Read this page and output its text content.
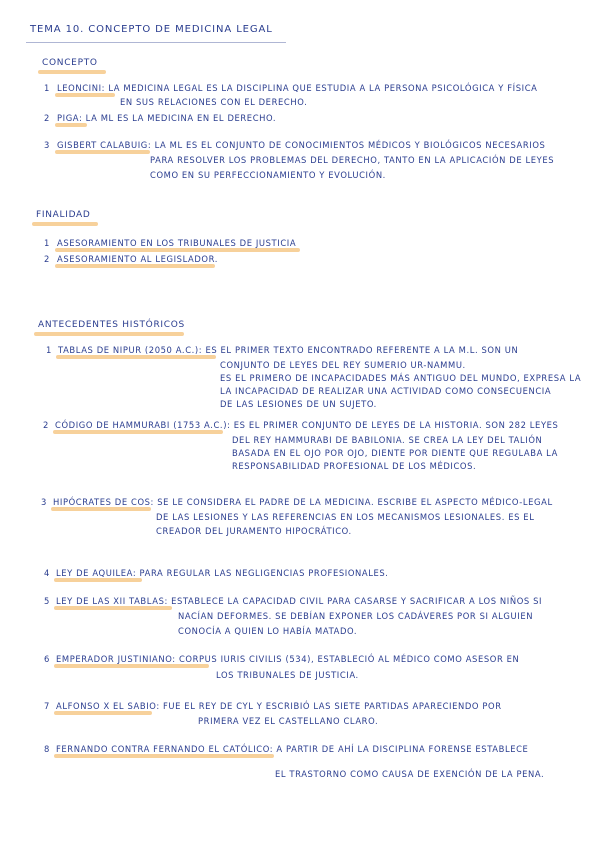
TEMA 10. CONCEPTO DE MEDICINA LEGAL
CONCEPTO
1 LEONCINI: LA MEDICINA LEGAL ES LA DISCIPLINA QUE ESTUDIA A LA PERSONA PSICOLÓGICA Y FÍSICA
EN SUS RELACIONES CON EL DERECHO.
2 PIGA: LA ML ES LA MEDICINA EN EL DERECHO.
3 GISBERT CALABUIG: LA ML ES EL CONJUNTO DE CONOCIMIENTOS MÉDICOS Y BIOLÓGICOS NECESARIOS
PARA RESOLVER LOS PROBLEMAS DEL DERECHO, TANTO EN LA APLICACIÓN DE LEYES
COMO EN SU PERFECCIONAMIENTO Y EVOLUCIÓN.
FINALIDAD
1 ASESORAMIENTO EN LOS TRIBUNALES DE JUSTICIA
2 ASESORAMIENTO AL LEGISLADOR.
ANTECEDENTES HISTÓRICOS
1 TABLAS DE NIPUR (2050 A.C.): ES EL PRIMER TEXTO ENCONTRADO REFERENTE A LA M.L. SON UN
CONJUNTO DE LEYES DEL REY SUMERIO UR-NAMMU.
ES EL PRIMERO DE INCAPACIDADES MÁS ANTIGUO DEL MUNDO, EXPRESA LA
LA INCAPACIDAD DE REALIZAR UNA ACTIVIDAD COMO CONSECUENCIA
DE LAS LESIONES DE UN SUJETO.
2 CÓDIGO DE HAMMURABI (1753 A.C.): ES EL PRIMER CONJUNTO DE LEYES DE LA HISTORIA. SON 282 LEYES
DEL REY HAMMURABI DE BABILONIA. SE CREA LA LEY DEL TALIÓN
BASADA EN EL OJO POR OJO, DIENTE POR DIENTE QUE REGULABA LA
RESPONSABILIDAD PROFESIONAL DE LOS MÉDICOS.
3 HIPÓCRATES DE COS: SE LE CONSIDERA EL PADRE DE LA MEDICINA. ESCRIBE EL ASPECTO MÉDICO-LEGAL
DE LAS LESIONES Y LAS REFERENCIAS EN LOS MECANISMOS LESIONALES. ES EL
CREADOR DEL JURAMENTO HIPOCRÁTICO.
4 LEY DE AQUILEA: PARA REGULAR LAS NEGLIGENCIAS PROFESIONALES.
5 LEY DE LAS XII TABLAS: ESTABLECE LA CAPACIDAD CIVIL PARA CASARSE Y SACRIFICAR A LOS NIÑOS SI
NACÍAN DEFORMES. SE DEBÍAN EXPONER LOS CADÁVERES POR SI ALGUIEN
CONOCÍA A QUIEN LO HABÍA MATADO.
6 EMPERADOR JUSTINIANO: CORPUS IURIS CIVILIS (534), ESTABLECIÓ AL MÉDICO COMO ASESOR EN
LOS TRIBUNALES DE JUSTICIA.
7 ALFONSO X EL SABIO: FUE EL REY DE CYL Y ESCRIBIÓ LAS SIETE PARTIDAS APARECIENDO POR
PRIMERA VEZ EL CASTELLANO CLARO.
8 FERNANDO CONTRA FERNANDO EL CATÓLICO: A PARTIR DE AHÍ LA DISCIPLINA FORENSE ESTABLECE
EL TRASTORNO COMO CAUSA DE EXENCIÓN DE LA PENA.
